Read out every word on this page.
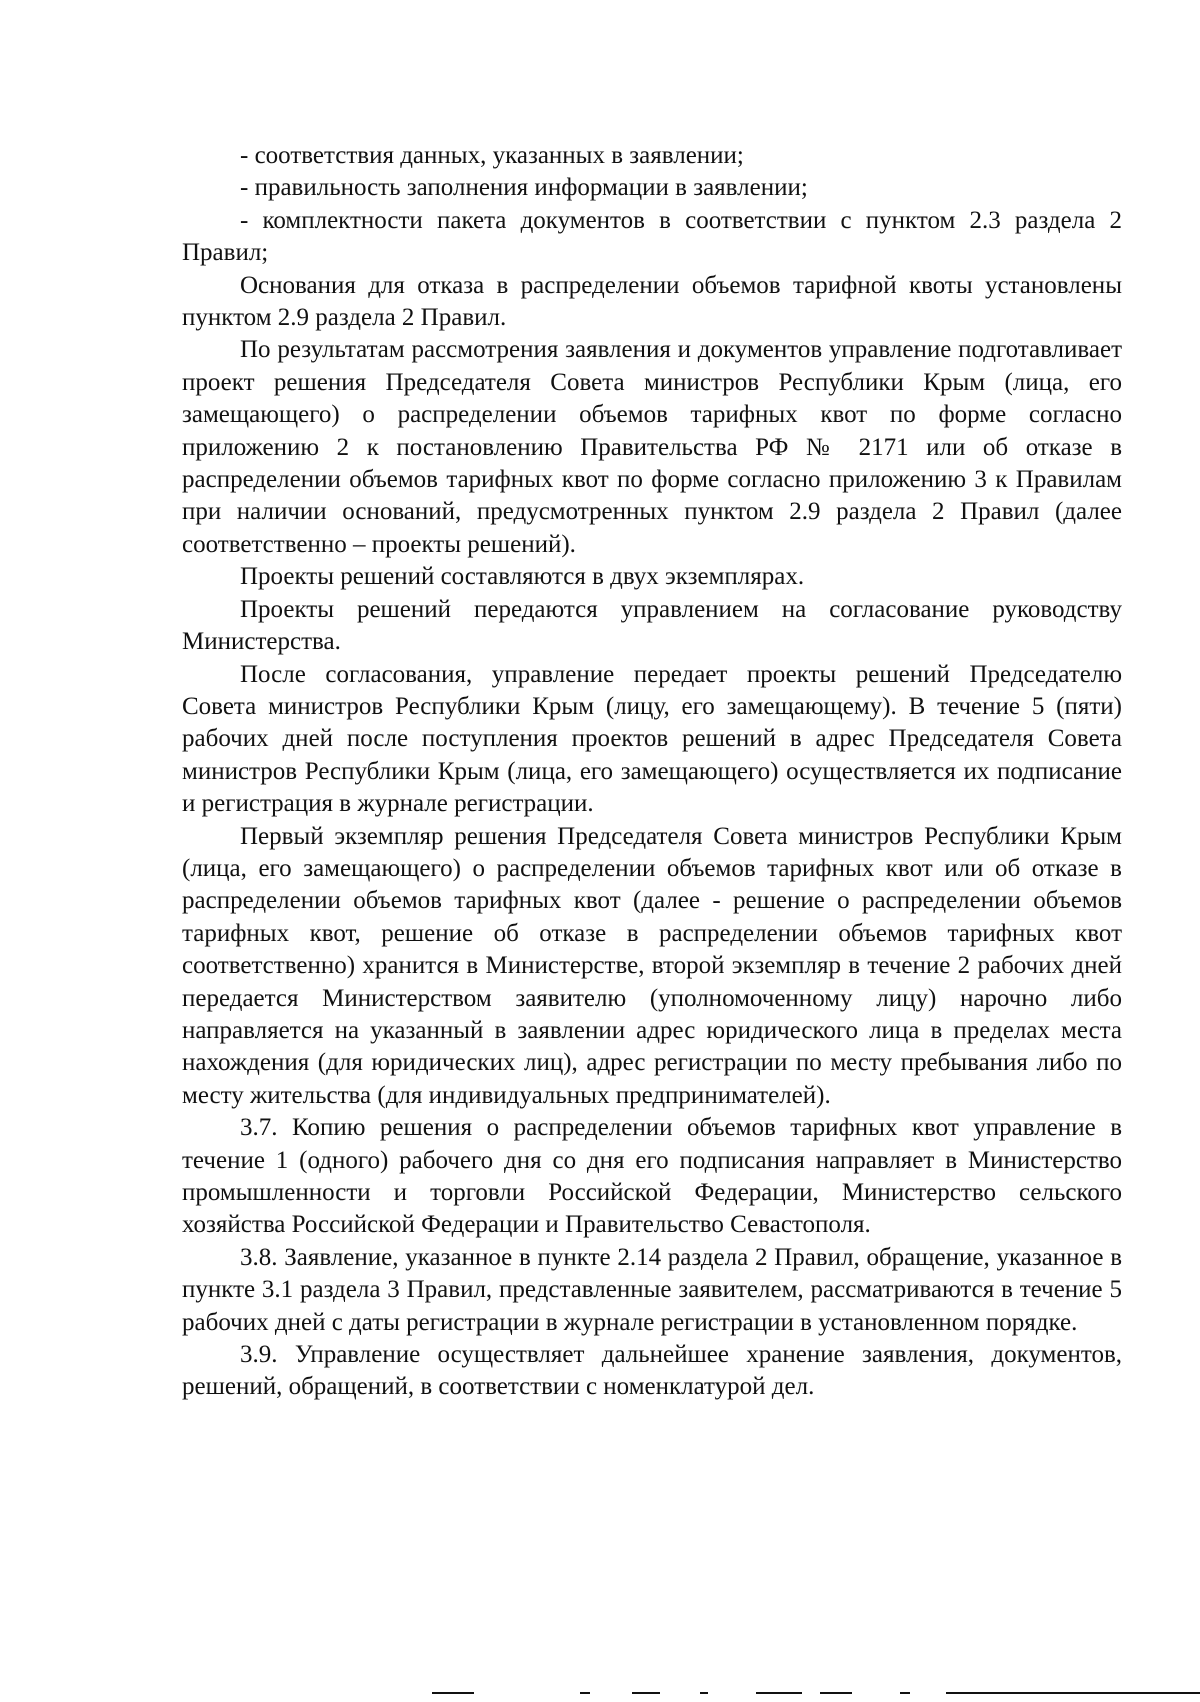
- соответствия данных, указанных в заявлении;

- правильность заполнения информации в заявлении;

- комплектности пакета документов в соответствии с пунктом 2.3 раздела 2 Правил;

Основания для отказа в распределении объемов тарифной квоты установлены пунктом 2.9 раздела 2 Правил.

По результатам рассмотрения заявления и документов управление подготавливает проект решения Председателя Совета министров Республики Крым (лица, его замещающего) о распределении объемов тарифных квот по форме согласно приложению 2 к постановлению Правительства РФ № 2171 или об отказе в распределении объемов тарифных квот по форме согласно приложению 3 к Правилам при наличии оснований, предусмотренных пунктом 2.9 раздела 2 Правил (далее соответственно – проекты решений).

Проекты решений составляются в двух экземплярах.

Проекты решений передаются управлением на согласование руководству Министерства.

После согласования, управление передает проекты решений Председателю Совета министров Республики Крым (лицу, его замещающему). В течение 5 (пяти) рабочих дней после поступления проектов решений в адрес Председателя Совета министров Республики Крым (лица, его замещающего) осуществляется их подписание и регистрация в журнале регистрации.

Первый экземпляр решения Председателя Совета министров Республики Крым (лица, его замещающего) о распределении объемов тарифных квот или об отказе в распределении объемов тарифных квот (далее - решение о распределении объемов тарифных квот, решение об отказе в распределении объемов тарифных квот соответственно) хранится в Министерстве, второй экземпляр в течение 2 рабочих дней передается Министерством заявителю (уполномоченному лицу) нарочно либо направляется на указанный в заявлении адрес юридического лица в пределах места нахождения (для юридических лиц), адрес регистрации по месту пребывания либо по месту жительства (для индивидуальных предпринимателей).

3.7. Копию решения о распределении объемов тарифных квот управление в течение 1 (одного) рабочего дня со дня его подписания направляет в Министерство промышленности и торговли Российской Федерации, Министерство сельского хозяйства Российской Федерации и Правительство Севастополя.

3.8. Заявление, указанное в пункте 2.14 раздела 2 Правил, обращение, указанное в пункте 3.1 раздела 3 Правил, представленные заявителем, рассматриваются в течение 5 рабочих дней с даты регистрации в журнале регистрации в установленном порядке.

3.9. Управление осуществляет дальнейшее хранение заявления, документов, решений, обращений, в соответствии с номенклатурой дел.
